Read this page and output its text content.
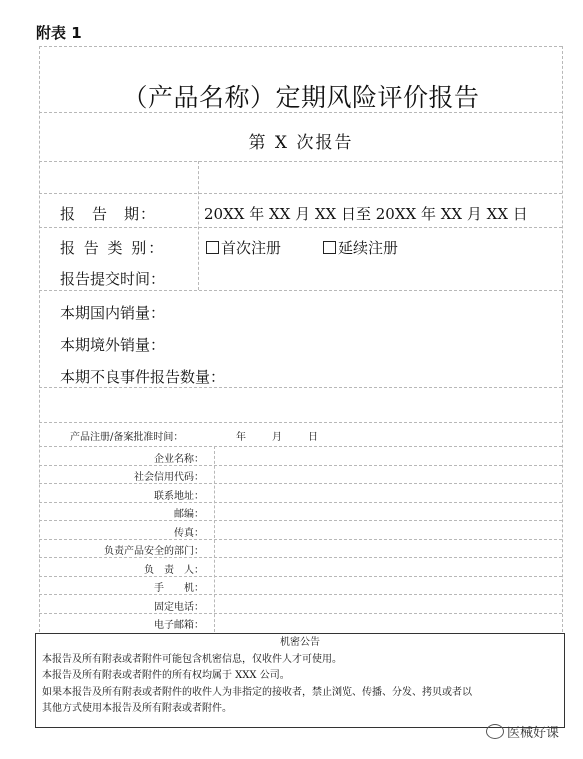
附表 1
（产品名称）定期风险评价报告
第 X 次报告
报　告　期：	20XX 年 XX 月 XX 日至 20XX 年 XX 月 XX 日
报 告 类 别：	首次注册	延续注册
报告提交时间：
本期国内销量：
本期境外销量：
本期不良事件报告数量：
产品注册/备案批准时间：	年	月	日
企业名称：
社会信用代码：
联系地址：
邮编：
传真：
负责产品安全的部门：
负　责　人：
手　　机：
固定电话：
电子邮箱：
机密公告
本报告及所有附表或者附件可能包含机密信息，仅收件人才可使用。
本报告及所有附表或者附件的所有权均属于 XXX 公司。
如果本报告及所有附表或者附件的收件人为非指定的接收者，禁止浏览、传播、分发、拷贝或者以
其他方式使用本报告及所有附表或者附件。
医械好课
